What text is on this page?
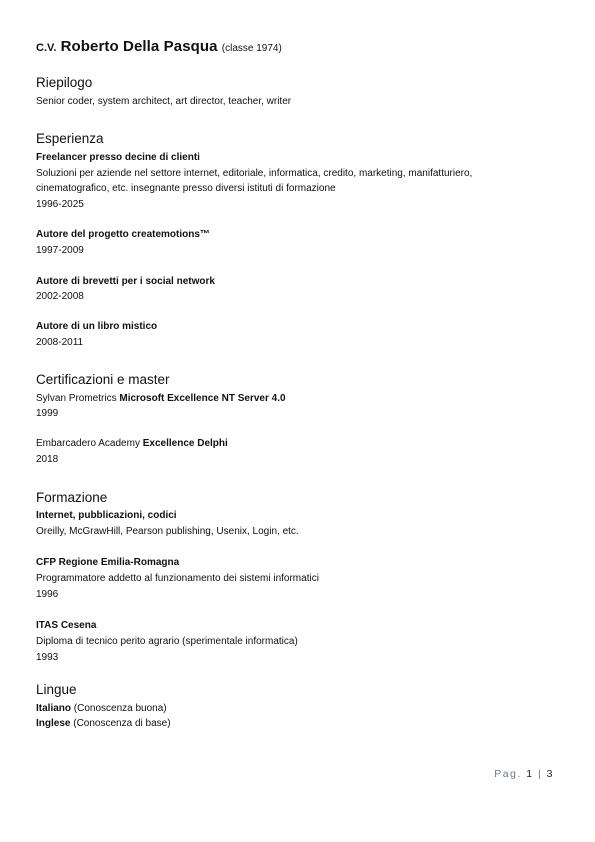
C.V. Roberto Della Pasqua (classe 1974)
Riepilogo
Senior coder, system architect, art director, teacher, writer
Esperienza
Freelancer presso decine di clienti
Soluzioni per aziende nel settore internet, editoriale, informatica, credito, marketing, manifatturiero, cinematografico, etc. insegnante presso diversi istituti di formazione
1996-2025
Autore del progetto createmotions™
1997-2009
Autore di brevetti per i social network
2002-2008
Autore di un libro mistico
2008-2011
Certificazioni e master
Sylvan Prometrics Microsoft Excellence NT Server 4.0
1999
Embarcadero Academy Excellence Delphi
2018
Formazione
Internet, pubblicazioni, codici
Oreilly, McGrawHill, Pearson publishing, Usenix, Login, etc.
CFP Regione Emilia-Romagna
Programmatore addetto al funzionamento dei sistemi informatici
1996
ITAS Cesena
Diploma di tecnico perito agrario (sperimentale informatica)
1993
Lingue
Italiano (Conoscenza buona)
Inglese (Conoscenza di base)
Pag. 1 | 3
